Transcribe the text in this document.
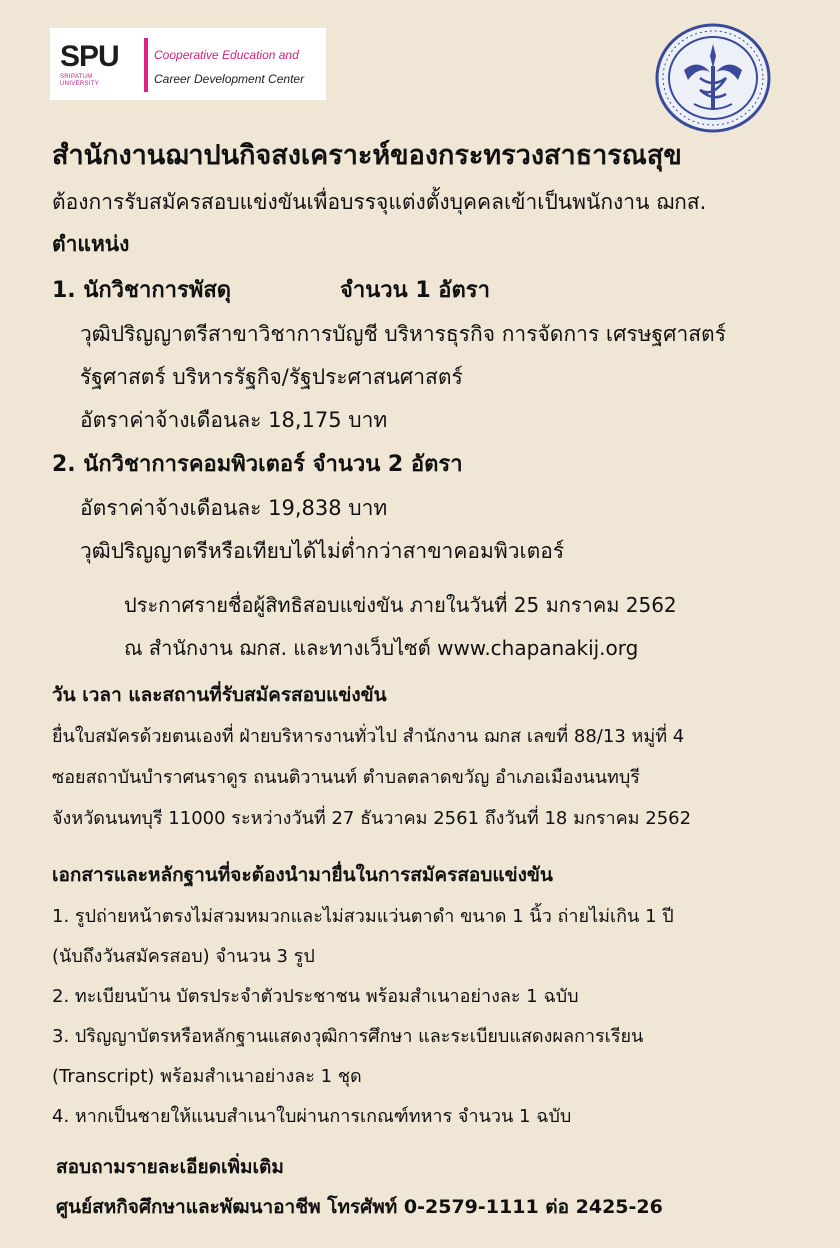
SPU
SRIPATUM UNIVERSITY
Cooperative Education and
Career Development Center
สำนักงานฌาปนกิจสงเคราะห์ของกระทรวงสาธารณสุข
ต้องการรับสมัครสอบแข่งขันเพื่อบรรจุแต่งตั้งบุคคลเข้าเป็นพนักงาน ฌกส.
ตำแหน่ง
1. นักวิชาการพัสดุ	จำนวน 1 อัตรา
วุฒิปริญญาตรีสาขาวิชาการบัญชี บริหารธุรกิจ การจัดการ เศรษฐศาสตร์
รัฐศาสตร์ บริหารรัฐกิจ/รัฐประศาสนศาสตร์
อัตราค่าจ้างเดือนละ 18,175 บาท
2. นักวิชาการคอมพิวเตอร์ จำนวน 2 อัตรา
อัตราค่าจ้างเดือนละ 19,838 บาท
วุฒิปริญญาตรีหรือเทียบได้ไม่ต่ำกว่าสาขาคอมพิวเตอร์
ประกาศรายชื่อผู้สิทธิสอบแข่งขัน ภายในวันที่ 25 มกราคม 2562
ณ สำนักงาน ฌกส. และทางเว็บไซต์ www.chapanakij.org
วัน เวลา และสถานที่รับสมัครสอบแข่งขัน
ยื่นใบสมัครด้วยตนเองที่ ฝ่ายบริหารงานทั่วไป สำนักงาน ฌกส เลขที่ 88/13 หมู่ที่ 4
ซอยสถาบันบำราศนราดูร ถนนติวานนท์ ตำบลตลาดขวัญ อำเภอเมืองนนทบุรี
จังหวัดนนทบุรี 11000 ระหว่างวันที่ 27 ธันวาคม 2561 ถึงวันที่ 18 มกราคม 2562
เอกสารและหลักฐานที่จะต้องนำมายื่นในการสมัครสอบแข่งขัน
1. รูปถ่ายหน้าตรงไม่สวมหมวกและไม่สวมแว่นตาดำ ขนาด 1 นิ้ว ถ่ายไม่เกิน 1 ปี
(นับถึงวันสมัครสอบ) จำนวน 3 รูป
2. ทะเบียนบ้าน บัตรประจำตัวประชาชน พร้อมสำเนาอย่างละ 1 ฉบับ
3. ปริญญาบัตรหรือหลักฐานแสดงวุฒิการศึกษา และระเบียบแสดงผลการเรียน
(Transcript) พร้อมสำเนาอย่างละ 1 ชุด
4. หากเป็นชายให้แนบสำเนาใบผ่านการเกณฑ์ทหาร จำนวน 1 ฉบับ
สอบถามรายละเอียดเพิ่มเติม
ศูนย์สหกิจศึกษาและพัฒนาอาชีพ โทรศัพท์ 0-2579-1111 ต่อ 2425-26
